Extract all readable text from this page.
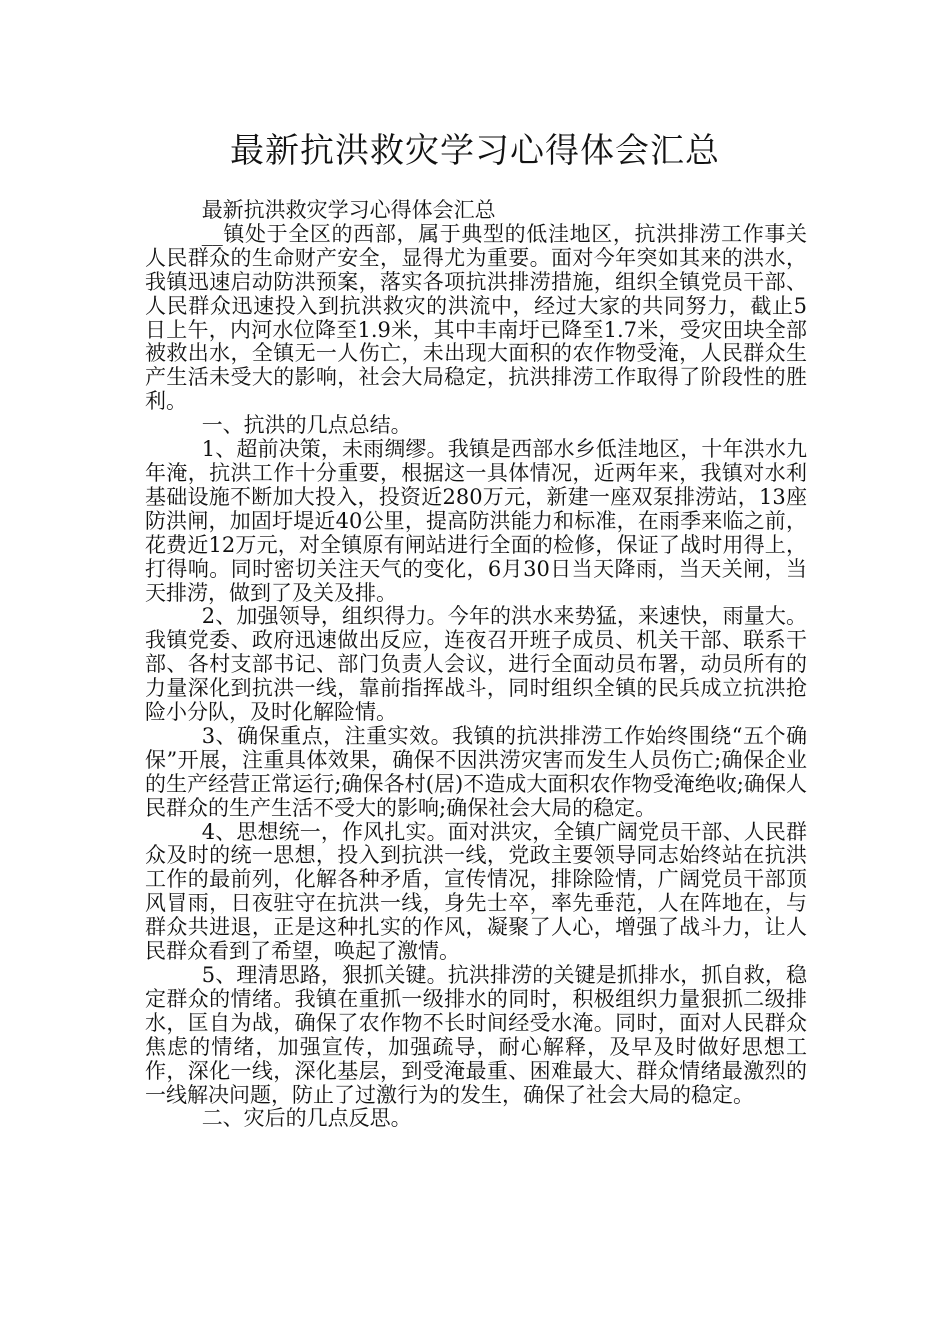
最新抗洪救灾学习心得体会汇总

最新抗洪救灾学习心得体会汇总

__镇处于全区的西部，属于典型的低洼地区，抗洪排涝工作事关人民群众的生命财产安全，显得尤为重要。面对今年突如其来的洪水，我镇迅速启动防洪预案，落实各项抗洪排涝措施，组织全镇党员干部、人民群众迅速投入到抗洪救灾的洪流中，经过大家的共同努力，截止5日上午，内河水位降至1.9米，其中丰南圩已降至1.7米，受灾田块全部被救出水，全镇无一人伤亡，未出现大面积的农作物受淹，人民群众生产生活未受大的影响，社会大局稳定，抗洪排涝工作取得了阶段性的胜利。

一、抗洪的几点总结。

1、超前决策，未雨绸缪。我镇是西部水乡低洼地区，十年洪水九年淹，抗洪工作十分重要，根据这一具体情况，近两年来，我镇对水利基础设施不断加大投入，投资近280万元，新建一座双泵排涝站，13座防洪闸，加固圩堤近40公里，提高防洪能力和标准，在雨季来临之前，花费近12万元，对全镇原有闸站进行全面的检修，保证了战时用得上，打得响。同时密切关注天气的变化，6月30日当天降雨，当天关闸，当天排涝，做到了及关及排。

2、加强领导，组织得力。今年的洪水来势猛，来速快，雨量大。我镇党委、政府迅速做出反应，连夜召开班子成员、机关干部、联系干部、各村支部书记、部门负责人会议，进行全面动员布署，动员所有的力量深化到抗洪一线，靠前指挥战斗，同时组织全镇的民兵成立抗洪抢险小分队，及时化解险情。

3、确保重点，注重实效。我镇的抗洪排涝工作始终围绕“五个确保”开展，注重具体效果，确保不因洪涝灾害而发生人员伤亡;确保企业的生产经营正常运行;确保各村(居)不造成大面积农作物受淹绝收;确保人民群众的生产生活不受大的影响;确保社会大局的稳定。

4、思想统一，作风扎实。面对洪灾，全镇广阔党员干部、人民群众及时的统一思想，投入到抗洪一线，党政主要领导同志始终站在抗洪工作的最前列，化解各种矛盾，宣传情况，排除险情，广阔党员干部顶风冒雨，日夜驻守在抗洪一线，身先士卒，率先垂范，人在阵地在，与群众共进退，正是这种扎实的作风，凝聚了人心，增强了战斗力，让人民群众看到了希望，唤起了激情。

5、理清思路，狠抓关键。抗洪排涝的关键是抓排水，抓自救，稳定群众的情绪。我镇在重抓一级排水的同时，积极组织力量狠抓二级排水，匡自为战，确保了农作物不长时间经受水淹。同时，面对人民群众焦虑的情绪，加强宣传，加强疏导，耐心解释，及早及时做好思想工作，深化一线，深化基层，到受淹最重、困难最大、群众情绪最激烈的一线解决问题，防止了过激行为的发生，确保了社会大局的稳定。

二、灾后的几点反思。
